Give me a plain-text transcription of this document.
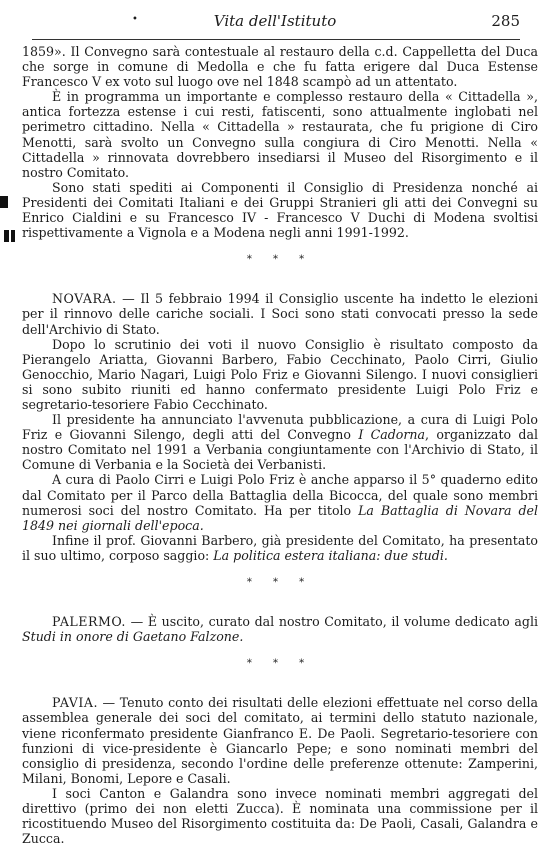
•	Vita dell'Istituto	285

1859». Il Convegno sarà contestuale al restauro della c.d. Cappelletta del Duca che sorge in comune di Medolla e che fu fatta erigere dal Duca Estense Francesco V ex voto sul luogo ove nel 1848 scampò ad un attentato.

È in programma un importante e complesso restauro della « Cittadella », antica fortezza estense i cui resti, fatiscenti, sono attualmente inglobati nel perimetro cittadino. Nella « Cittadella » restaurata, che fu prigione di Ciro Menotti, sarà svolto un Convegno sulla congiura di Ciro Menotti. Nella « Cittadella » rinnovata dovrebbero insediarsi il Museo del Risorgimento e il nostro Comitato.

Sono stati spediti ai Componenti il Consiglio di Presidenza nonché ai Presidenti dei Comitati Italiani e dei Gruppi Stranieri gli atti dei Convegni su Enrico Cialdini e su Francesco IV - Francesco V Duchi di Modena svoltisi rispettivamente a Vignola e a Modena negli anni 1991-1992.

* * *

NOVARA. — Il 5 febbraio 1994 il Consiglio uscente ha indetto le elezioni per il rinnovo delle cariche sociali. I Soci sono stati convocati presso la sede dell'Archivio di Stato.

Dopo lo scrutinio dei voti il nuovo Consiglio è risultato composto da Pierangelo Ariatta, Giovanni Barbero, Fabio Cecchinato, Paolo Cirri, Giulio Genocchio, Mario Nagari, Luigi Polo Friz e Giovanni Silengo. I nuovi consiglieri si sono subito riuniti ed hanno confermato presidente Luigi Polo Friz e segretario-tesoriere Fabio Cecchinato.

Il presidente ha annunciato l'avvenuta pubblicazione, a cura di Luigi Polo Friz e Giovanni Silengo, degli atti del Convegno I Cadorna, organizzato dal nostro Comitato nel 1991 a Verbania congiuntamente con l'Archivio di Stato, il Comune di Verbania e la Società dei Verbanisti.

A cura di Paolo Cirri e Luigi Polo Friz è anche apparso il 5° quaderno edito dal Comitato per il Parco della Battaglia della Bicocca, del quale sono membri numerosi soci del nostro Comitato. Ha per titolo La Battaglia di Novara del 1849 nei giornali dell'epoca.

Infine il prof. Giovanni Barbero, già presidente del Comitato, ha presentato il suo ultimo, corposo saggio: La politica estera italiana: due studi.

* * *

PALERMO. — È uscito, curato dal nostro Comitato, il volume dedicato agli Studi in onore di Gaetano Falzone.

* * *

PAVIA. — Tenuto conto dei risultati delle elezioni effettuate nel corso della assemblea generale dei soci del comitato, ai termini dello statuto nazionale, viene riconfermato presidente Gianfranco E. De Paoli. Segretario-tesoriere con funzioni di vice-presidente è Giancarlo Pepe; e sono nominati membri del consiglio di presidenza, secondo l'ordine delle preferenze ottenute: Zamperini, Milani, Bonomi, Lepore e Casali.

I soci Canton e Galandra sono invece nominati membri aggregati del direttivo (primo dei non eletti Zucca). È nominata una commissione per il ricostituendo Museo del Risorgimento costituita da: De Paoli, Casali, Galandra e Zucca.
